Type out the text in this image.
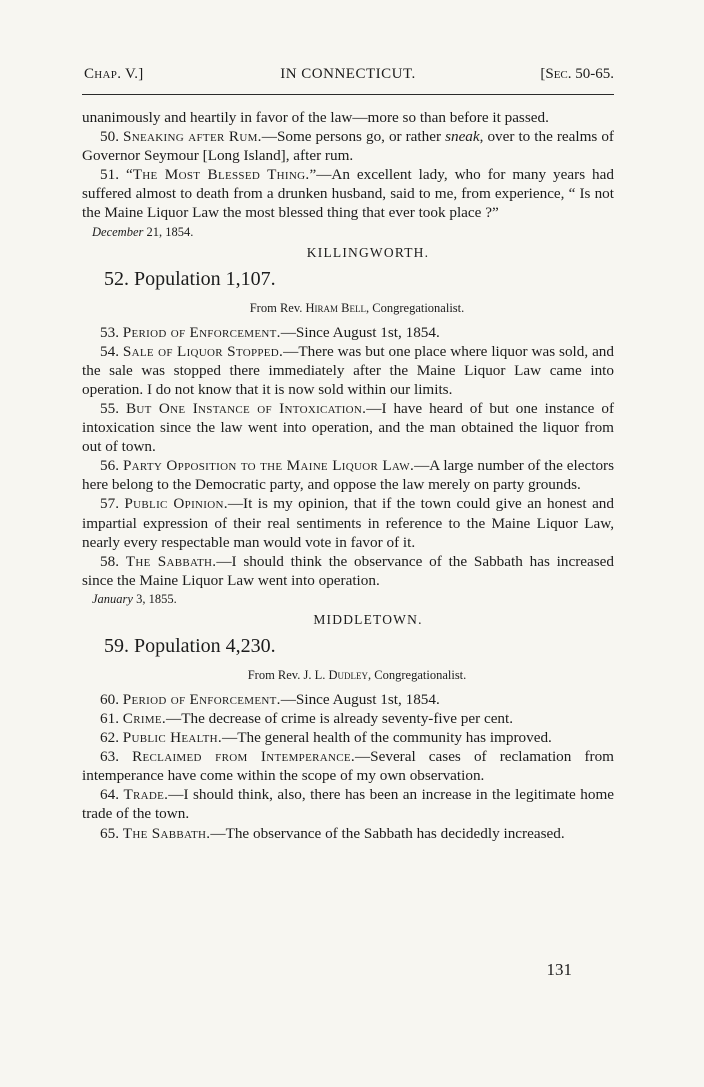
Chap. V.]	IN CONNECTICUT.	[Sec. 50-65.

unanimously and heartily in favor of the law—more so than before it passed.

50. Sneaking after Rum.—Some persons go, or rather sneak, over to the realms of Governor Seymour [Long Island], after rum.

51. “The Most Blessed Thing.”—An excellent lady, who for many years had suffered almost to death from a drunken husband, said to me, from experience, “ Is not the Maine Liquor Law the most blessed thing that ever took place ?”

December 21, 1854.
KILLINGWORTH.
52. Population 1,107.
From Rev. Hiram Bell, Congregationalist.

53. Period of Enforcement.—Since August 1st, 1854.

54. Sale of Liquor Stopped.—There was but one place where liquor was sold, and the sale was stopped there immediately after the Maine Liquor Law came into operation. I do not know that it is now sold within our limits.

55. But One Instance of Intoxication.—I have heard of but one instance of intoxication since the law went into operation, and the man obtained the liquor from out of town.

56. Party Opposition to the Maine Liquor Law.—A large number of the electors here belong to the Democratic party, and oppose the law merely on party grounds.

57. Public Opinion.—It is my opinion, that if the town could give an honest and impartial expression of their real sentiments in reference to the Maine Liquor Law, nearly every respectable man would vote in favor of it.

58. The Sabbath.—I should think the observance of the Sabbath has increased since the Maine Liquor Law went into operation.

January 3, 1855.
MIDDLETOWN.
59. Population 4,230.
From Rev. J. L. Dudley, Congregationalist.

60. Period of Enforcement.—Since August 1st, 1854.

61. Crime.—The decrease of crime is already seventy-five per cent.

62. Public Health.—The general health of the community has improved.

63. Reclaimed from Intemperance.—Several cases of reclamation from intemperance have come within the scope of my own observation.

64. Trade.—I should think, also, there has been an increase in the legitimate home trade of the town.

65. The Sabbath.—The observance of the Sabbath has decidedly increased.

131
